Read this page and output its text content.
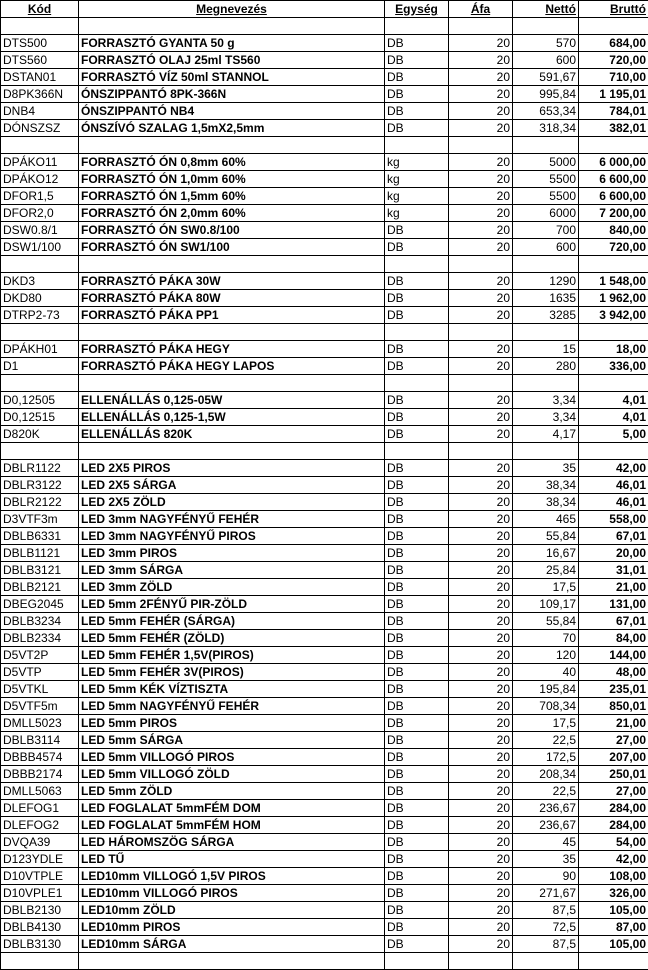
Kód	Megnevezés	Egység	Áfa	Nettó	Bruttó

DTS500	FORRASZTÓ GYANTA 50 g	DB	20	570	684,00
DTS560	FORRASZTÓ OLAJ 25ml TS560	DB	20	600	720,00
DSTAN01	FORRASZTÓ VÍZ 50ml STANNOL	DB	20	591,67	710,00
D8PK366N	ÓNSZIPPANTÓ 8PK-366N	DB	20	995,84	1 195,01
DNB4	ÓNSZIPPANTÓ NB4	DB	20	653,34	784,01
DÓNSZSZ	ÓNSZÍVÓ SZALAG 1,5mX2,5mm	DB	20	318,34	382,01

DPÁKO11	FORRASZTÓ ÓN 0,8mm 60%	kg	20	5000	6 000,00
DPÁKO12	FORRASZTÓ ÓN 1,0mm 60%	kg	20	5500	6 600,00
DFOR1,5	FORRASZTÓ ÓN 1,5mm 60%	kg	20	5500	6 600,00
DFOR2,0	FORRASZTÓ ÓN 2,0mm 60%	kg	20	6000	7 200,00
DSW0.8/1	FORRASZTÓ ÓN SW0.8/100	DB	20	700	840,00
DSW1/100	FORRASZTÓ ÓN SW1/100	DB	20	600	720,00

DKD3	FORRASZTÓ PÁKA 30W	DB	20	1290	1 548,00
DKD80	FORRASZTÓ PÁKA 80W	DB	20	1635	1 962,00
DTRP2-73	FORRASZTÓ PÁKA PP1	DB	20	3285	3 942,00

DPÁKH01	FORRASZTÓ PÁKA HEGY	DB	20	15	18,00
D1	FORRASZTÓ PÁKA HEGY LAPOS	DB	20	280	336,00

D0,12505	ELLENÁLLÁS 0,125-05W	DB	20	3,34	4,01
D0,12515	ELLENÁLLÁS 0,125-1,5W	DB	20	3,34	4,01
D820K	ELLENÁLLÁS 820K	DB	20	4,17	5,00

DBLR1122	LED 2X5 PIROS	DB	20	35	42,00
DBLR3122	LED 2X5 SÁRGA	DB	20	38,34	46,01
DBLR2122	LED 2X5 ZÖLD	DB	20	38,34	46,01
D3VTF3m	LED 3mm NAGYFÉNYŰ FEHÉR	DB	20	465	558,00
DBLB6331	LED 3mm NAGYFÉNYŰ PIROS	DB	20	55,84	67,01
DBLB1121	LED 3mm PIROS	DB	20	16,67	20,00
DBLB3121	LED 3mm SÁRGA	DB	20	25,84	31,01
DBLB2121	LED 3mm ZÖLD	DB	20	17,5	21,00
DBEG2045	LED 5mm 2FÉNYŰ PIR-ZÖLD	DB	20	109,17	131,00
DBLB3234	LED 5mm FEHÉR (SÁRGA)	DB	20	55,84	67,01
DBLB2334	LED 5mm FEHÉR (ZÖLD)	DB	20	70	84,00
D5VT2P	LED 5mm FEHÉR 1,5V(PIROS)	DB	20	120	144,00
D5VTP	LED 5mm FEHÉR 3V(PIROS)	DB	20	40	48,00
D5VTKL	LED 5mm KÉK VÍZTISZTA	DB	20	195,84	235,01
D5VTF5m	LED 5mm NAGYFÉNYŰ FEHÉR	DB	20	708,34	850,01
DMLL5023	LED 5mm PIROS	DB	20	17,5	21,00
DBLB3114	LED 5mm SÁRGA	DB	20	22,5	27,00
DBBB4574	LED 5mm VILLOGÓ PIROS	DB	20	172,5	207,00
DBBB2174	LED 5mm VILLOGÓ ZÖLD	DB	20	208,34	250,01
DMLL5063	LED 5mm ZÖLD	DB	20	22,5	27,00
DLEFOG1	LED FOGLALAT 5mmFÉM DOM	DB	20	236,67	284,00
DLEFOG2	LED FOGLALAT 5mmFÉM HOM	DB	20	236,67	284,00
DVQA39	LED HÁROMSZÖG SÁRGA	DB	20	45	54,00
D123YDLE	LED TŰ	DB	20	35	42,00
D10VTPLE	LED10mm VILLOGÓ 1,5V PIROS	DB	20	90	108,00
D10VPLE1	LED10mm VILLOGÓ PIROS	DB	20	271,67	326,00
DBLB2130	LED10mm ZÖLD	DB	20	87,5	105,00
DBLB4130	LED10mm PIROS	DB	20	72,5	87,00
DBLB3130	LED10mm SÁRGA	DB	20	87,5	105,00
